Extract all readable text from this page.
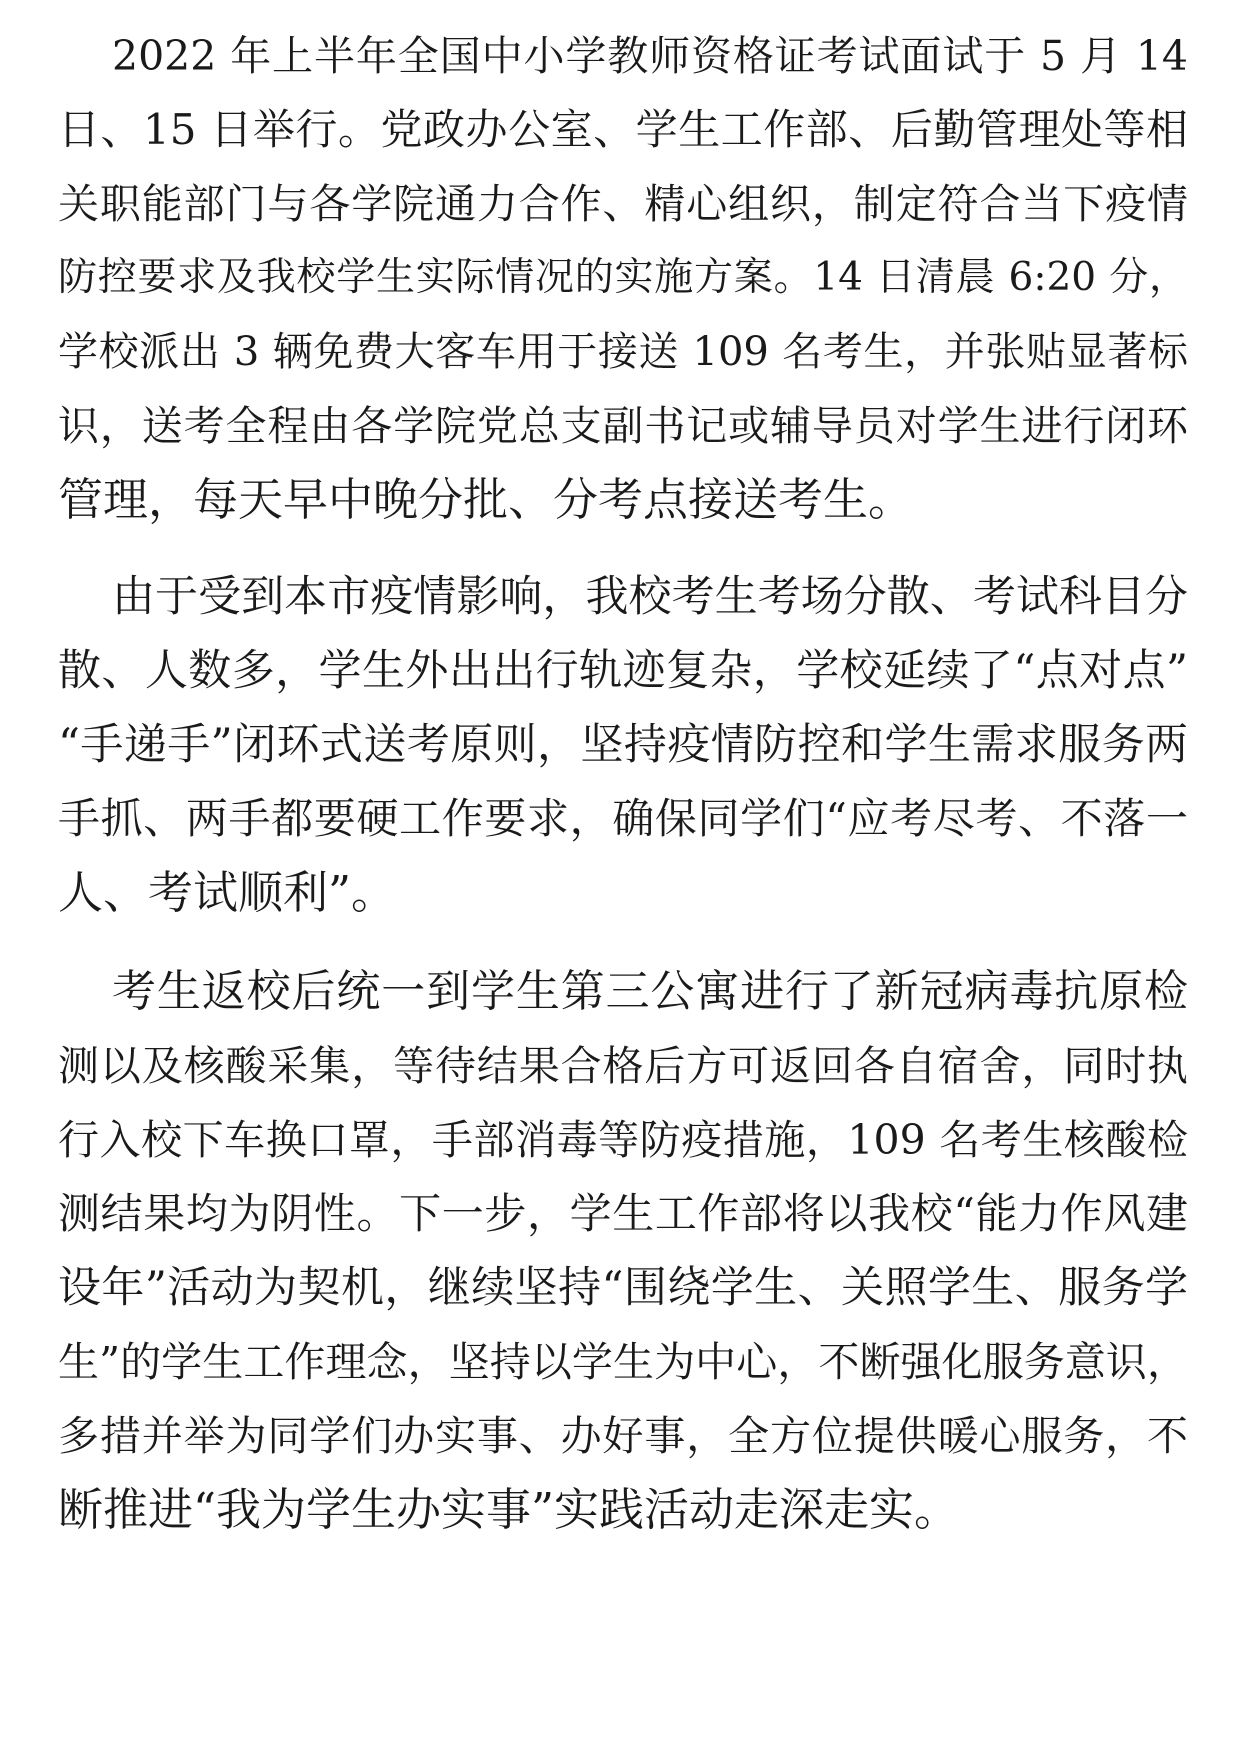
2022 年上半年全国中小学教师资格证考试面试于 5 月 14
日、15 日举行。党政办公室、学生工作部、后勤管理处等相
关职能部门与各学院通力合作、精心组织，制定符合当下疫情
防控要求及我校学生实际情况的实施方案。14 日清晨 6:20 分，
学校派出 3 辆免费大客车用于接送 109 名考生，并张贴显著标
识，送考全程由各学院党总支副书记或辅导员对学生进行闭环
管理，每天早中晚分批、分考点接送考生。
由于受到本市疫情影响，我校考生考场分散、考试科目分
散、人数多，学生外出出行轨迹复杂，学校延续了“点对点”
“手递手”闭环式送考原则，坚持疫情防控和学生需求服务两
手抓、两手都要硬工作要求，确保同学们“应考尽考、不落一
人、考试顺利”。
考生返校后统一到学生第三公寓进行了新冠病毒抗原检
测以及核酸采集，等待结果合格后方可返回各自宿舍，同时执
行入校下车换口罩，手部消毒等防疫措施，109 名考生核酸检
测结果均为阴性。下一步，学生工作部将以我校“能力作风建
设年”活动为契机，继续坚持“围绕学生、关照学生、服务学
生”的学生工作理念，坚持以学生为中心，不断强化服务意识，
多措并举为同学们办实事、办好事，全方位提供暖心服务，不
断推进“我为学生办实事”实践活动走深走实。
